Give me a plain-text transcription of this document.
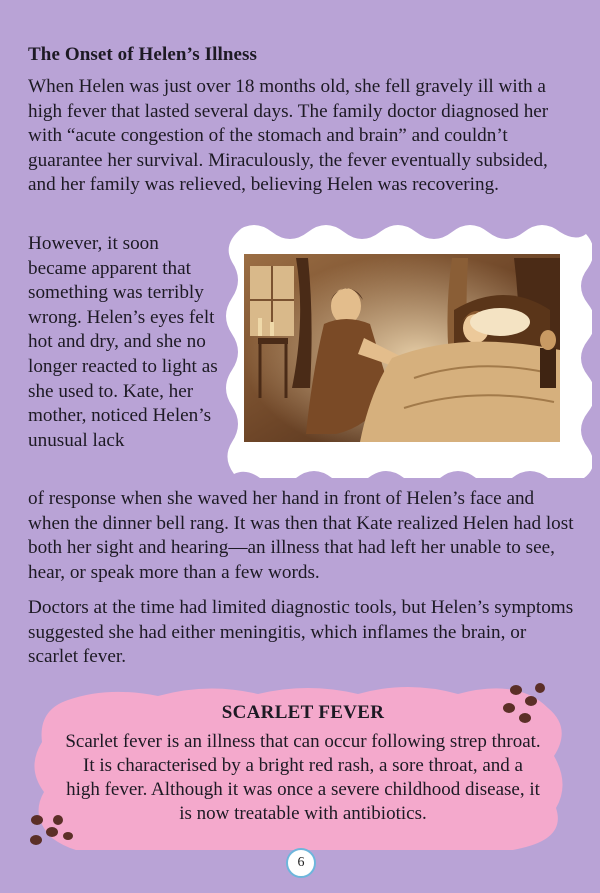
The Onset of Helen’s Illness

When Helen was just over 18 months old, she fell gravely ill with a high fever that lasted several days. The family doctor diagnosed her with “acute congestion of the stomach and brain” and couldn’t guarantee her survival. Miraculously, the fever eventually subsided, and her family was relieved, believing Helen was recovering.

However, it soon became apparent that something was terribly wrong. Helen’s eyes felt hot and dry, and she no longer reacted to light as she used to. Kate, her mother, noticed Helen’s unusual lack

of response when she waved her hand in front of Helen’s face and when the dinner bell rang. It was then that Kate realized Helen had lost both her sight and hearing—an illness that had left her unable to see, hear, or speak more than a few words.

Doctors at the time had limited diagnostic tools, but Helen’s symptoms suggested she had either meningitis, which inflames the brain, or scarlet fever.

SCARLET FEVER
Scarlet fever is an illness that can occur following strep throat. It is characterised by a bright red rash, a sore throat, and a high fever. Although it was once a severe childhood disease, it is now treatable with antibiotics.
6
